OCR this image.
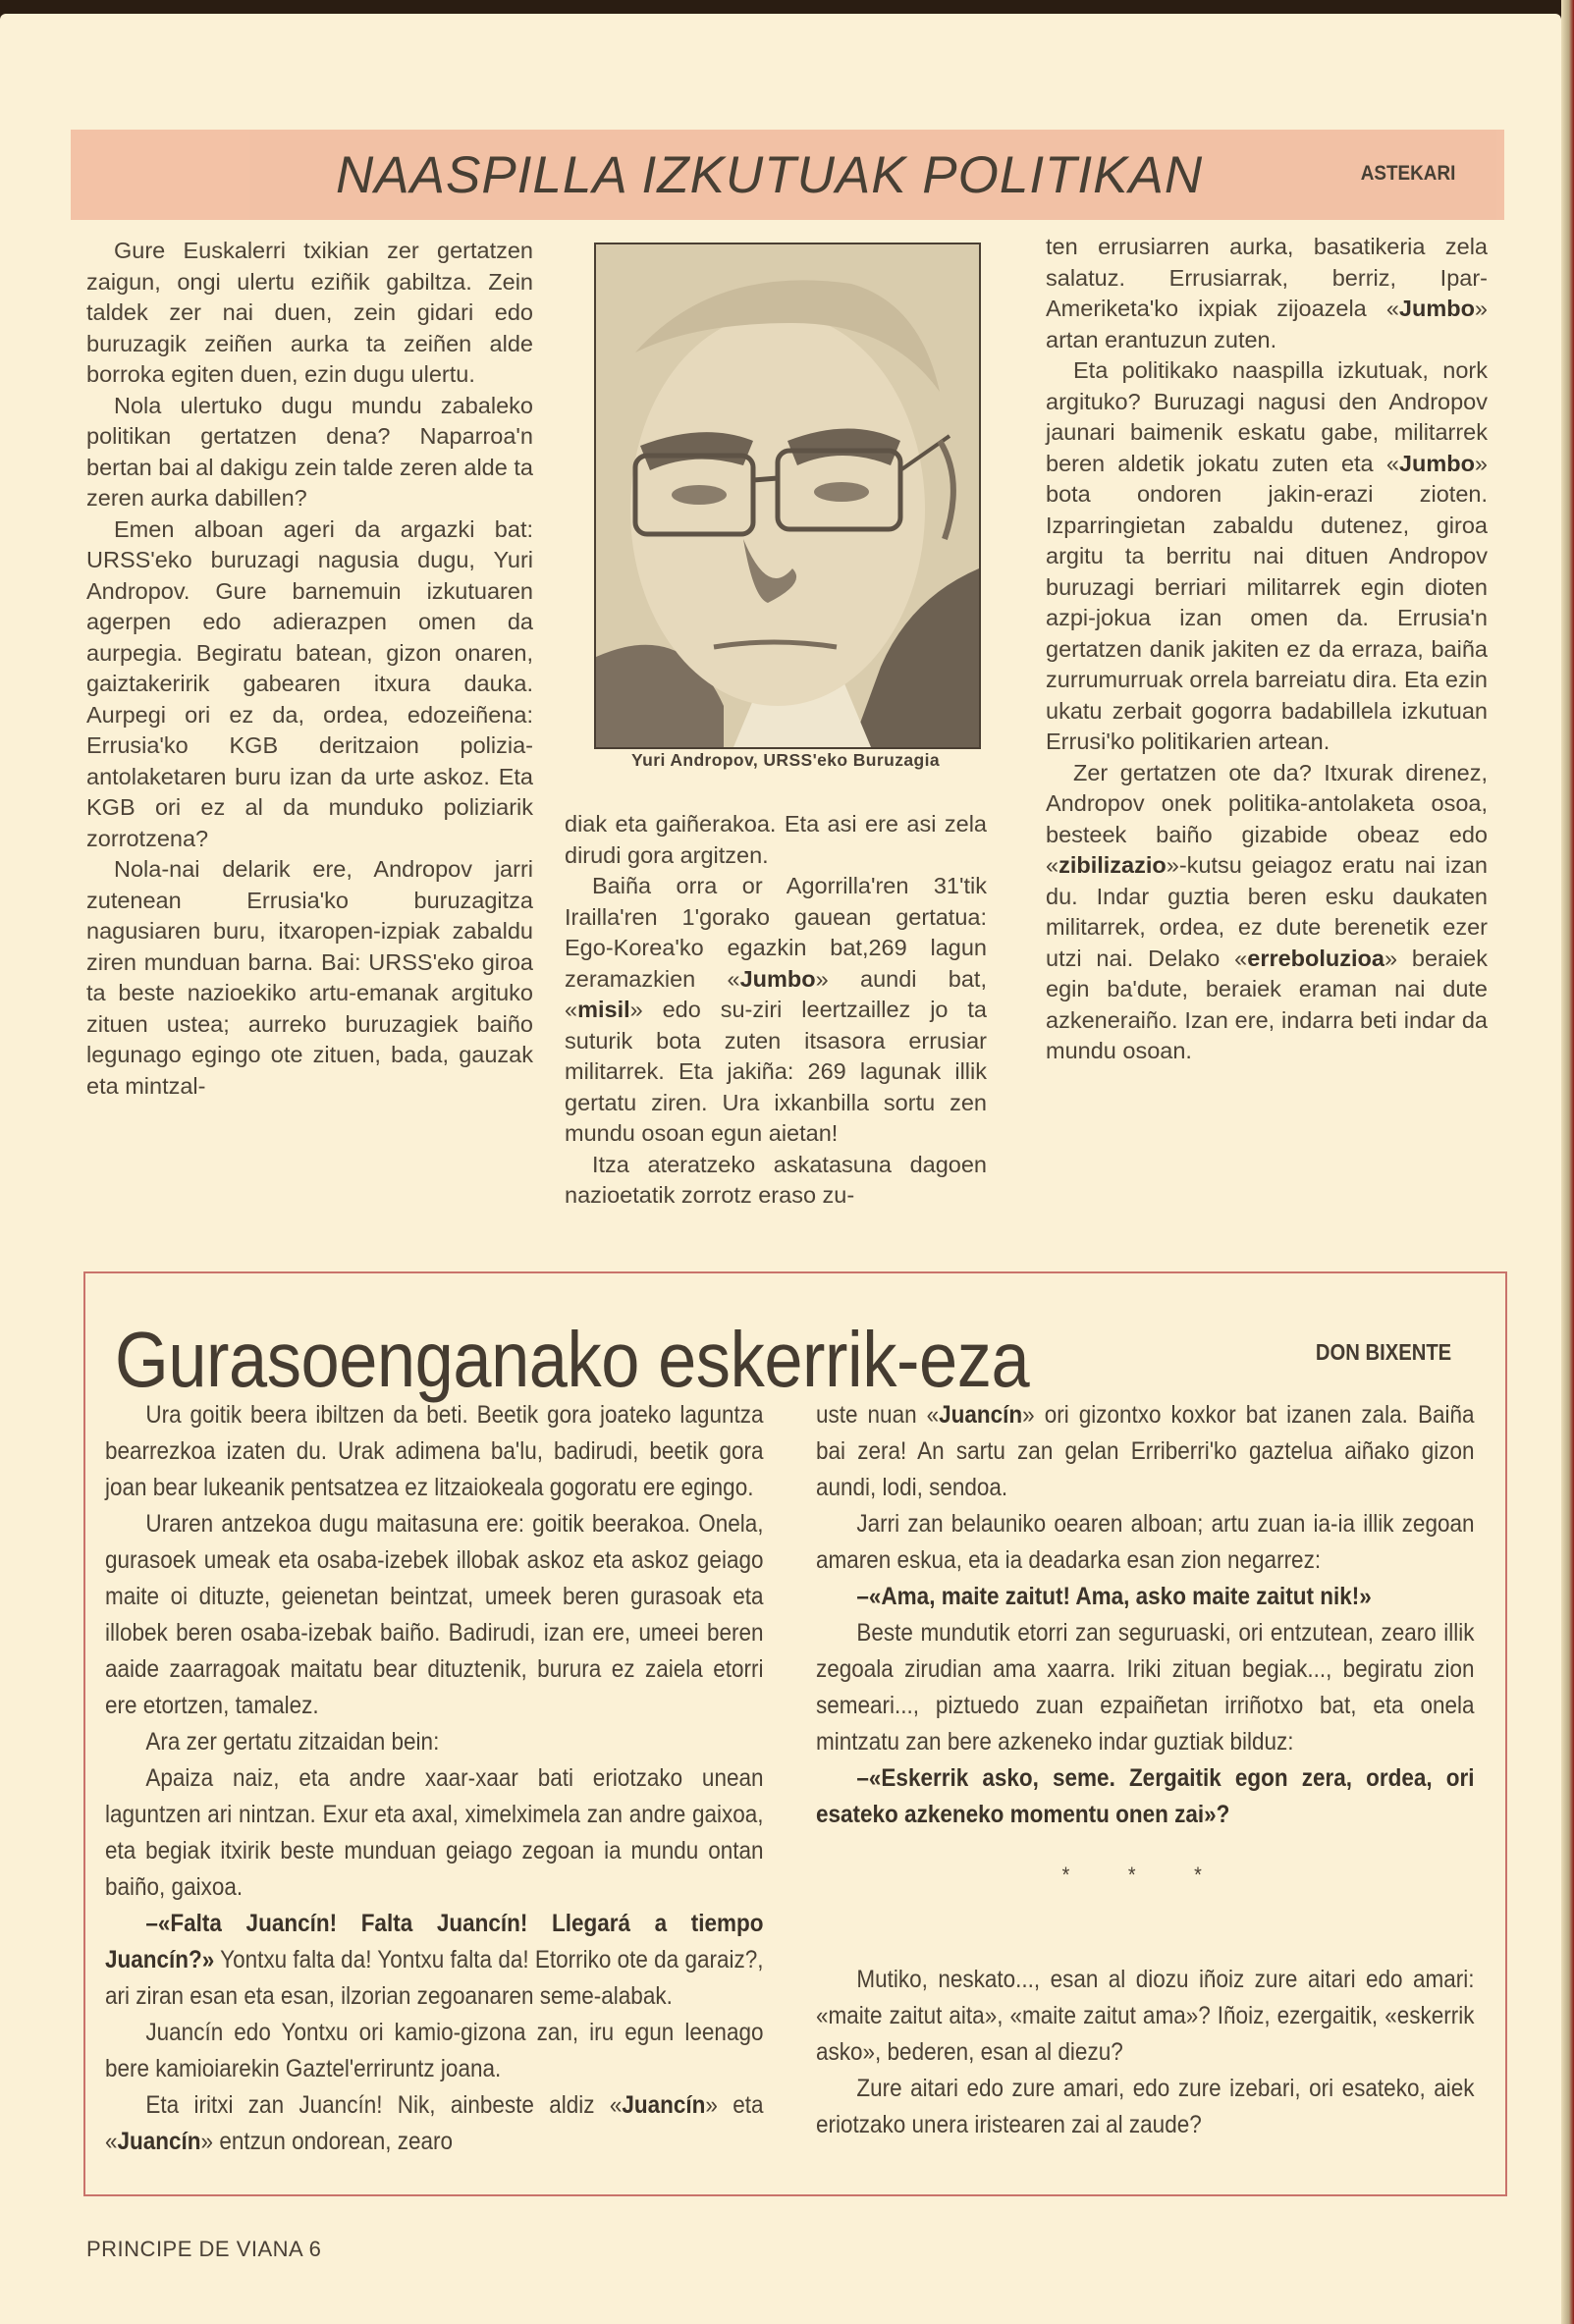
NAASPILLA IZKUTUAK POLITIKAN	ASTEKARI

Gure Euskalerri txikian zer gertatzen zaigun, ongi ulertu eziñik gabiltza. Zein taldek zer nai duen, zein gidari edo buruzagik zeiñen aurka ta zeiñen alde borroka egiten duen, ezin dugu ulertu.

Nola ulertuko dugu mundu zabaleko politikan gertatzen dena? Naparroa'n bertan bai al dakigu zein talde zeren alde ta zeren aurka dabillen?

Emen alboan ageri da argazki bat: URSS'eko buruzagi nagusia dugu, Yuri Andropov. Gure barnemuin izkutuaren agerpen edo adierazpen omen da aurpegia. Begiratu batean, gizon onaren, gaiztakeririk gabearen itxura dauka. Aurpegi ori ez da, ordea, edozeiñena: Errusia'ko KGB deritzaion polizia-antolaketaren buru izan da urte askoz. Eta KGB ori ez al da munduko poliziarik zorrotzena?

Nola-nai delarik ere, Andropov jarri zutenean Errusia'ko buruzagitza nagusiaren buru, itxaropen-izpiak zabaldu ziren munduan barna. Bai: URSS'eko giroa ta beste nazioekiko artu-emanak argituko zituen ustea; aurreko buruzagiek baiño legunago egingo ote zituen, bada, gauzak eta mintzal-

Yuri Andropov, URSS'eko Buruzagia

diak eta gaiñerakoa. Eta asi ere asi zela dirudi gora argitzen.

Baiña orra or Agorrilla'ren 31'tik Irailla'ren 1'gorako gauean gertatua: Ego-Korea'ko egazkin bat,269 lagun zeramazkien «Jumbo» aundi bat, «misil» edo su-ziri leertzaillez jo ta suturik bota zuten itsasora errusiar militarrek. Eta jakiña: 269 lagunak illik gertatu ziren. Ura ixkanbilla sortu zen mundu osoan egun aietan!

Itza ateratzeko askatasuna dagoen nazioetatik zorrotz eraso zu-

ten errusiarren aurka, basatikeria zela salatuz. Errusiarrak, berriz, Ipar-Ameriketa'ko ixpiak zijoazela «Jumbo» artan erantuzun zuten.

Eta politikako naaspilla izkutuak, nork argituko? Buruzagi nagusi den Andropov jaunari baimenik eskatu gabe, militarrek beren aldetik jokatu zuten eta «Jumbo» bota ondoren jakin-erazi zioten. Izparringietan zabaldu dutenez, giroa argitu ta berritu nai dituen Andropov buruzagi berriari militarrek egin dioten azpi-jokua izan omen da. Errusia'n gertatzen danik jakiten ez da erraza, baiña zurrumurruak orrela barreiatu dira. Eta ezin ukatu zerbait gogorra badabillela izkutuan Errusi'ko politikarien artean.

Zer gertatzen ote da? Itxurak direnez, Andropov onek politika-antolaketa osoa, besteek baiño gizabide obeaz edo «zibilizazio»-kutsu geiagoz eratu nai izan du. Indar guztia beren esku daukaten militarrek, ordea, ez dute berenetik ezer utzi nai. Delako «erreboluzioa» beraiek egin ba'dute, beraiek eraman nai dute azkeneraiño. Izan ere, indarra beti indar da mundu osoan.

Gurasoenganako eskerrik-eza	DON BIXENTE

Ura goitik beera ibiltzen da beti. Beetik gora joateko laguntza bearrezkoa izaten du. Urak adimena ba'lu, badirudi, beetik gora joan bear lukeanik pentsatzea ez litzaiokeala gogoratu ere egingo.

Uraren antzekoa dugu maitasuna ere: goitik beerakoa. Onela, gurasoek umeak eta osaba-izebek illobak askoz eta askoz geiago maite oi dituzte, geienetan beintzat, umeek beren gurasoak eta illobek beren osaba-izebak baiño. Badirudi, izan ere, umeei beren aaide zaarragoak maitatu bear dituztenik, burura ez zaiela etorri ere etortzen, tamalez.

Ara zer gertatu zitzaidan bein:

Apaiza naiz, eta andre xaar-xaar bati eriotzako unean laguntzen ari nintzan. Exur eta axal, ximelximela zan andre gaixoa, eta begiak itxirik beste munduan geiago zegoan ia mundu ontan baiño, gaixoa.

–«Falta Juancín! Falta Juancín! Llegará a tiempo Juancín?» Yontxu falta da! Yontxu falta da! Etorriko ote da garaiz?, ari ziran esan eta esan, ilzorian zegoanaren seme-alabak.

Juancín edo Yontxu ori kamio-gizona zan, iru egun leenago bere kamioiarekin Gaztel'erriruntz joana.

Eta iritxi zan Juancín! Nik, ainbeste aldiz «Juancín» eta «Juancín» entzun ondorean, zearo

uste nuan «Juancín» ori gizontxo koxkor bat izanen zala. Baiña bai zera! An sartu zan gelan Erriberri'ko gaztelua aiñako gizon aundi, lodi, sendoa.

Jarri zan belauniko oearen alboan; artu zuan ia-ia illik zegoan amaren eskua, eta ia deadarka esan zion negarrez:

–«Ama, maite zaitut! Ama, asko maite zaitut nik!»

Beste mundutik etorri zan seguruaski, ori entzutean, zearo illik zegoala zirudian ama xaarra. Iriki zituan begiak..., begiratu zion semeari..., piztuedo zuan ezpaiñetan irriñotxo bat, eta onela mintzatu zan bere azkeneko indar guztiak bilduz:

–«Eskerrik asko, seme. Zergaitik egon zera, ordea, ori esateko azkeneko momentu onen zai»?

* * *

Mutiko, neskato..., esan al diozu iñoiz zure aitari edo amari: «maite zaitut aita», «maite zaitut ama»? Iñoiz, ezergaitik, «eskerrik asko», bederen, esan al diezu?

Zure aitari edo zure amari, edo zure izebari, ori esateko, aiek eriotzako unera iristearen zai al zaude?

PRINCIPE DE VIANA 6
